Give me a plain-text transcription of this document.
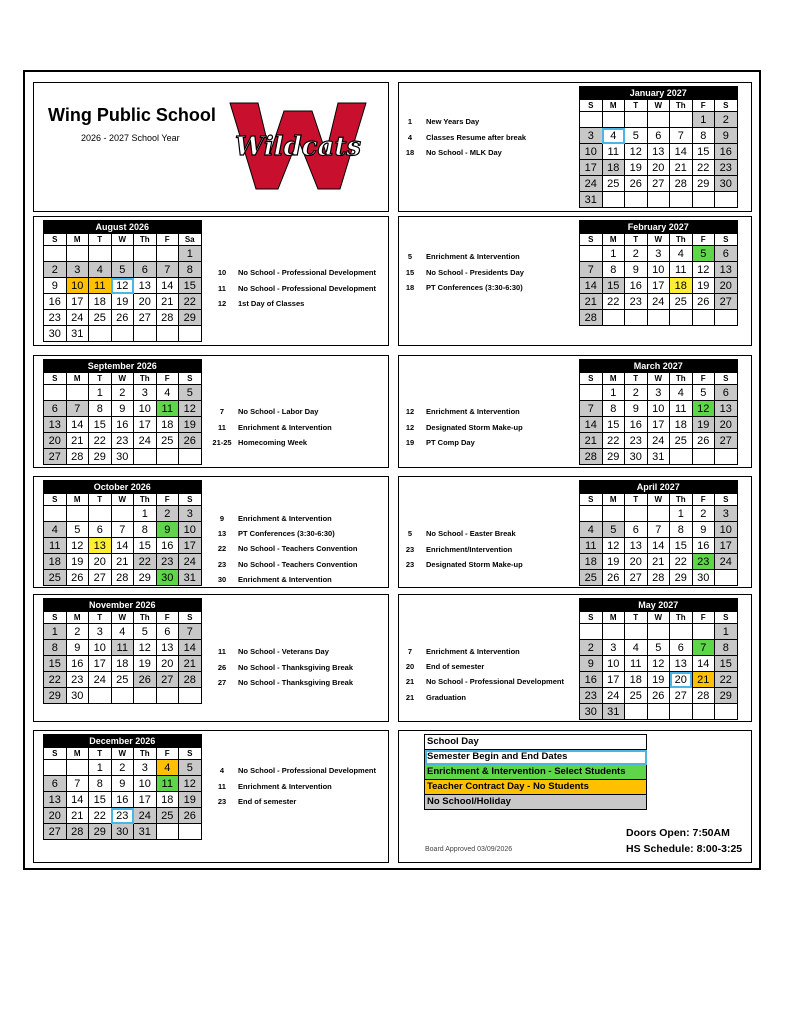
Wing Public School
2026 - 2027 School Year Wildcats
August 2026						
S	M	T	W	Th	F	Sa
						1
2	3	4	5	6	7	8
9	10	11	12	13	14	15
16	17	18	19	20	21	22
23	24	25	26	27	28	29
30	31					
September 2026						
S	M	T	W	Th	F	S
		1	2	3	4	5
6	7	8	9	10	11	12
13	14	15	16	17	18	19
20	21	22	23	24	25	26
27	28	29	30			
October 2026						
S	M	T	W	Th	F	S
				1	2	3
4	5	6	7	8	9	10
11	12	13	14	15	16	17
18	19	20	21	22	23	24
25	26	27	28	29	30	31
November 2026						
S	M	T	W	Th	F	S
1	2	3	4	5	6	7
8	9	10	11	12	13	14
15	16	17	18	19	20	21
22	23	24	25	26	27	28
29	30					
December 2026						
S	M	T	W	Th	F	S
		1	2	3	4	5
6	7	8	9	10	11	12
13	14	15	16	17	18	19
20	21	22	23	24	25	26
27	28	29	30	31		
January 2027						
S	M	T	W	Th	F	S
					1	2
3	4	5	6	7	8	9
10	11	12	13	14	15	16
17	18	19	20	21	22	23
24	25	26	27	28	29	30
31						
February 2027						
S	M	T	W	Th	F	S
	1	2	3	4	5	6
7	8	9	10	11	12	13
14	15	16	17	18	19	20
21	22	23	24	25	26	27
28						
March 2027						
S	M	T	W	Th	F	S
	1	2	3	4	5	6
7	8	9	10	11	12	13
14	15	16	17	18	19	20
21	22	23	24	25	26	27
28	29	30	31			
April 2027						
S	M	T	W	Th	F	S
				1	2	3
4	5	6	7	8	9	10
11	12	13	14	15	16	17
18	19	20	21	22	23	24
25	26	27	28	29	30	
May 2027						
S	M	T	W	Th	F	S
						1
2	3	4	5	6	7	8
9	10	11	12	13	14	15
16	17	18	19	20	21	22
23	24	25	26	27	28	29
30	31					
10	No School - Professional Development
11	No School - Professional Development
12	1st Day of Classes
7	No School - Labor Day
11	Enrichment & Intervention
21-25 Homecoming Week
9	Enrichment & Intervention
13	PT Conferences (3:30-6:30)
22	No School - Teachers Convention
23	No School - Teachers Convention
30	Enrichment & Intervention
11	No School - Veterans Day
26	No School - Thanksgiving Break
27	No School - Thanksgiving Break
4	No School - Professional Development
11	Enrichment & Intervention
23	End of semester
1	New Years Day
4	Classes Resume after break
18	No School - MLK Day
5	Enrichment & Intervention
15	No School - Presidents Day
18	PT Conferences (3:30-6:30)
12	Enrichment & Intervention
12	Designated Storm Make-up
19	PT Comp Day
5	No School - Easter Break
23	Enrichment/Intervention
23	Designated Storm Make-up
7	Enrichment & Intervention
20	End of semester
21	No School - Professional Development
21	Graduation
School Day
Semester Begin and End Dates
Enrichment & Intervention - Select Students
Teacher Contract Day - No Students
No School/Holiday
Board Approved 03/09/2026
Doors Open: 7:50AM
HS Schedule: 8:00-3:25
